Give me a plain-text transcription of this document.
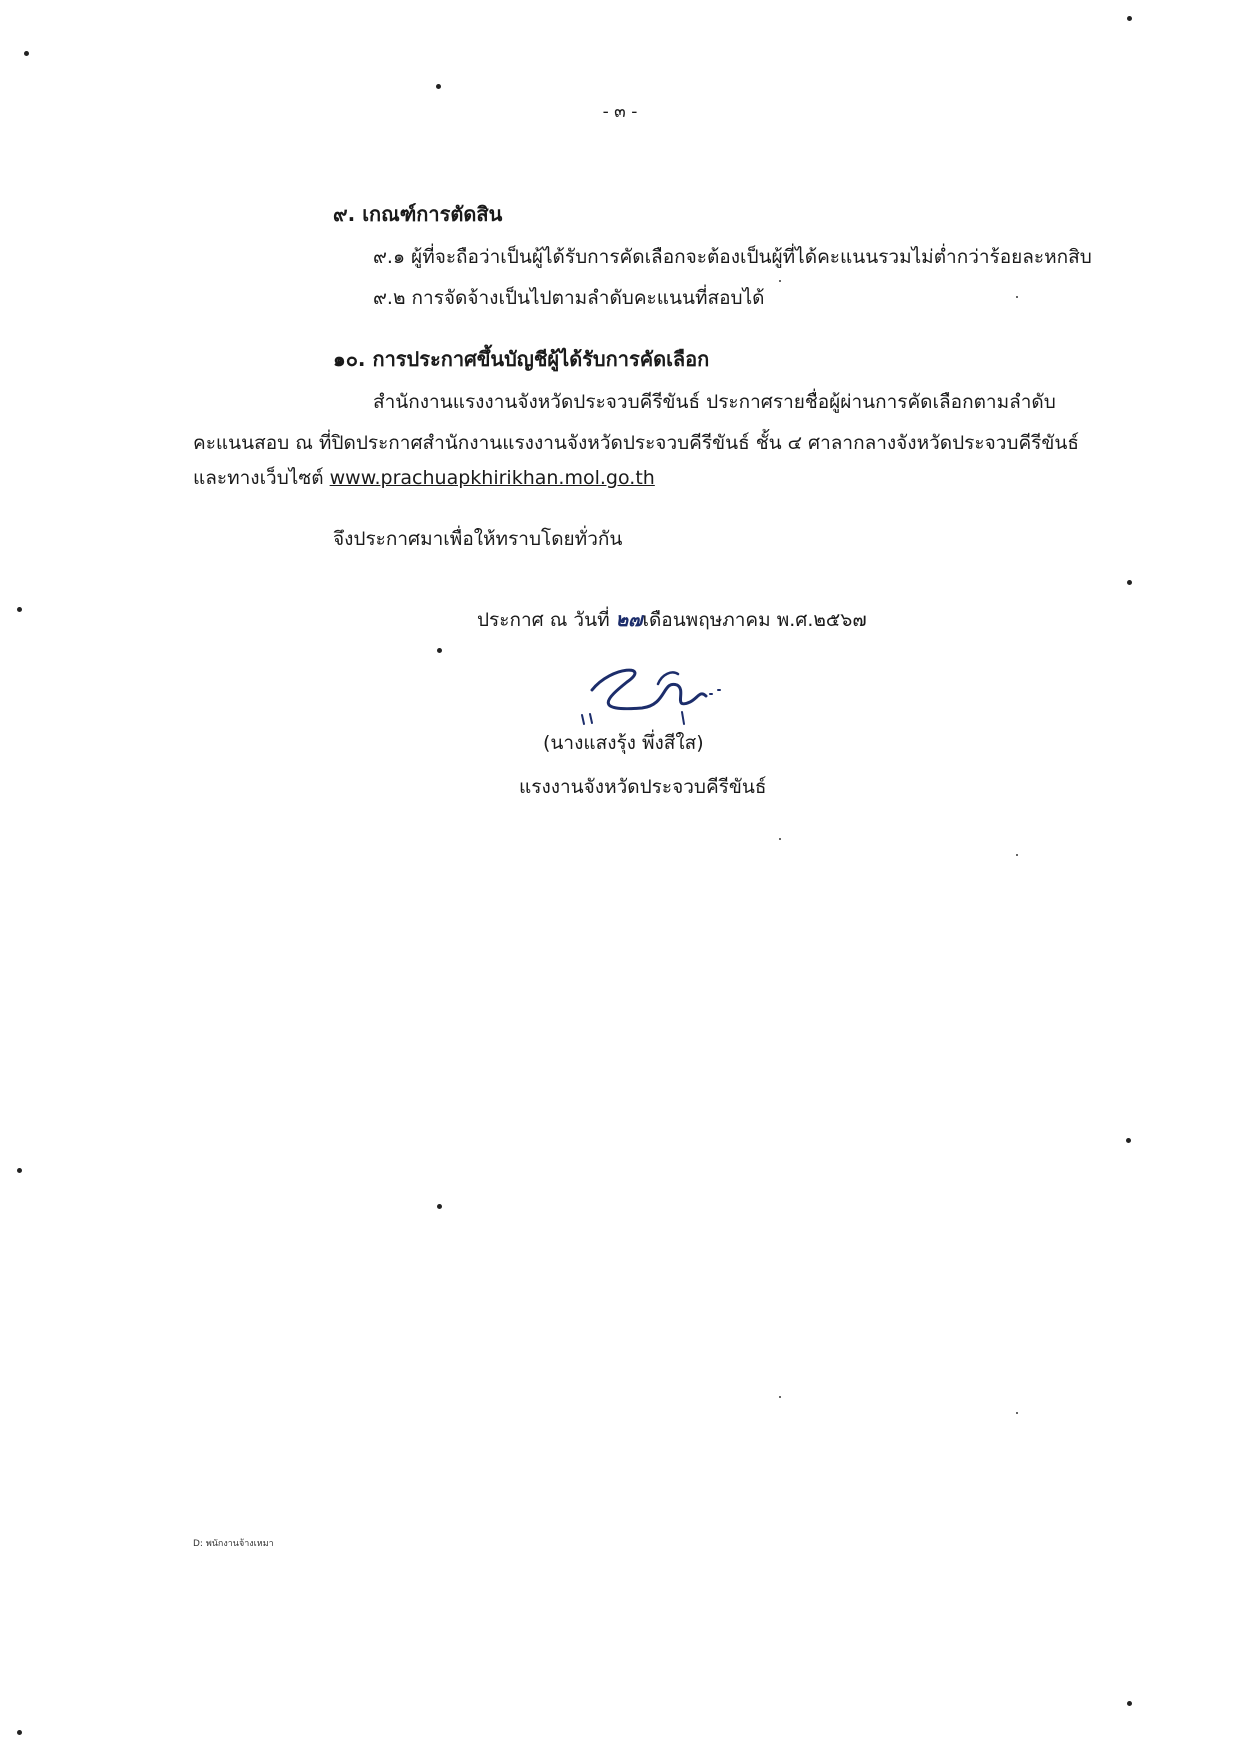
- ๓ -
๙. เกณฑ์การตัดสิน
๙.๑ ผู้ที่จะถือว่าเป็นผู้ได้รับการคัดเลือกจะต้องเป็นผู้ที่ได้คะแนนรวมไม่ต่ำกว่าร้อยละหกสิบ
๙.๒ การจัดจ้างเป็นไปตามลำดับคะแนนที่สอบได้
๑๐. การประกาศขึ้นบัญชีผู้ได้รับการคัดเลือก
สำนักงานแรงงานจังหวัดประจวบคีรีขันธ์ ประกาศรายชื่อผู้ผ่านการคัดเลือกตามลำดับ
คะแนนสอบ ณ ที่ปิดประกาศสำนักงานแรงงานจังหวัดประจวบคีรีขันธ์ ชั้น ๔ ศาลากลางจังหวัดประจวบคีรีขันธ์
และทางเว็บไซต์ www.prachuapkhirikhan.mol.go.th
จึงประกาศมาเพื่อให้ทราบโดยทั่วกัน
ประกาศ ณ วันที่ ๒๗เดือนพฤษภาคม พ.ศ.๒๕๖๗
(นางแสงรุ้ง พึ่งสีใส)
แรงงานจังหวัดประจวบคีรีขันธ์
D: พนักงานจ้างเหมา
